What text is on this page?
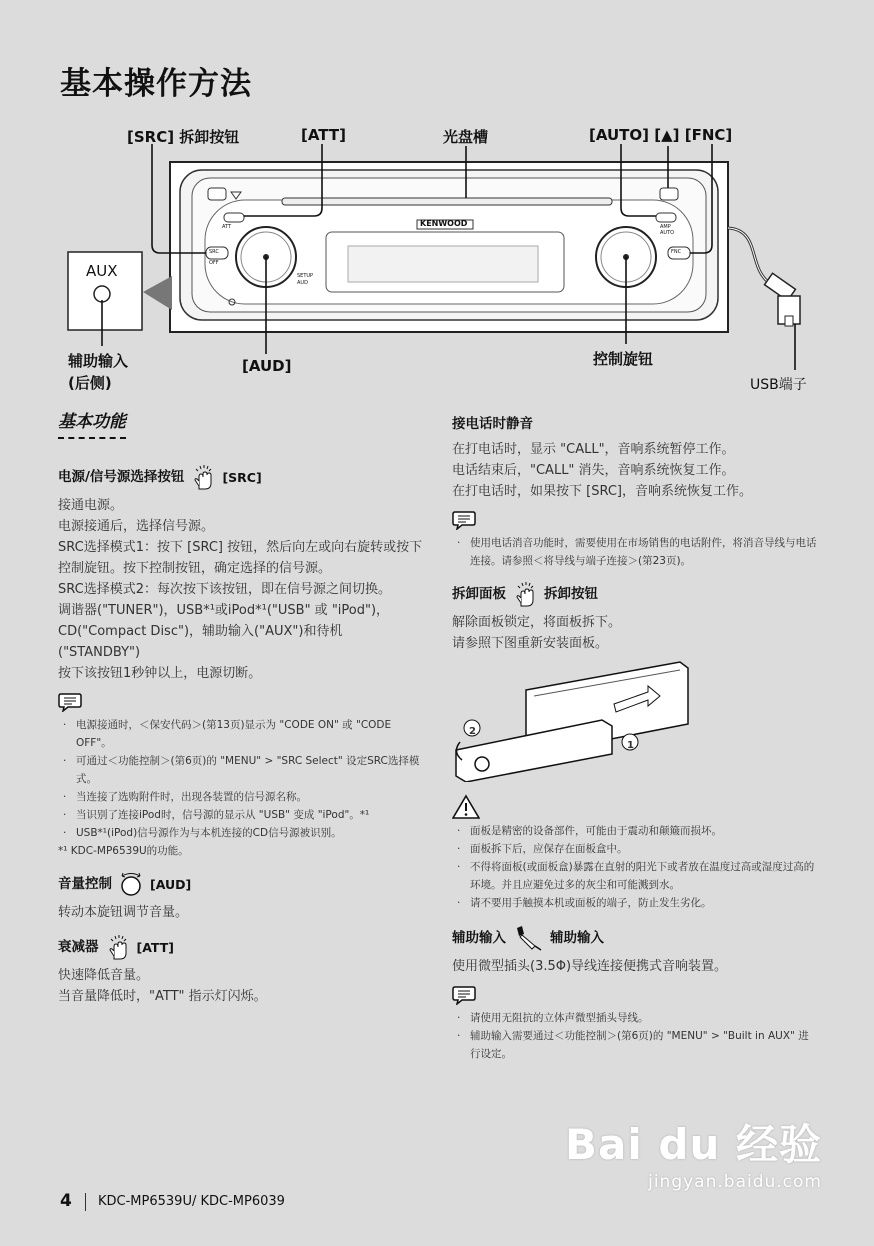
基本操作方法
[SRC] 拆卸按钮	[ATT]	光盘槽	[AUTO] [▲] [FNC]
AUX
辅助输入
(后侧)
[AUD]	控制旋钮
USB端子
KENWOOD
ATT
SRC
OFF
FNC
AMP
AUTO
SETUP
AUD
基本功能
电源/信号源选择按钮	[SRC]

接通电源。

电源接通后，选择信号源。

SRC选择模式1：按下 [SRC] 按钮，然后向左或向右旋转或按下控制旋钮。按下控制按钮，确定选择的信号源。

SRC选择模式2：每次按下该按钮，即在信号源之间切换。

调谐器("TUNER")，USB*¹或iPod*¹("USB" 或 "iPod")，CD("Compact Disc")，辅助输入("AUX")和待机("STANDBY")

按下该按钮1秒钟以上，电源切断。

· 电源接通时，＜保安代码＞(第13页)显示为 "CODE ON" 或 "CODE OFF"。
· 可通过＜功能控制＞(第6页)的 "MENU" > "SRC Select" 设定SRC选择模式。
· 当连接了选购附件时，出现各装置的信号源名称。
· 当识别了连接iPod时，信号源的显示从 "USB" 变成 "iPod"。*¹
· USB*¹(iPod)信号源作为与本机连接的CD信号源被识别。
*¹ KDC-MP6539U的功能。
音量控制	[AUD]

转动本旋钮调节音量。

衰减器	[ATT]

快速降低音量。

当音量降低时，"ATT" 指示灯闪烁。

接电话时静音

在打电话时，显示 "CALL"，音响系统暂停工作。

电话结束后，"CALL" 消失，音响系统恢复工作。

在打电话时，如果按下 [SRC]，音响系统恢复工作。

· 使用电话消音功能时，需要使用在市场销售的电话附件，将消音导线与电话连接。请参照＜将导线与端子连接＞(第23页)。
拆卸面板	拆卸按钮

解除面板锁定，将面板拆下。

请参照下图重新安装面板。

1
2
· 面板是精密的设备部件，可能由于震动和颠簸而损坏。
· 面板拆下后，应保存在面板盒中。
· 不得将面板(或面板盒)暴露在直射的阳光下或者放在温度过高或湿度过高的环境。并且应避免过多的灰尘和可能溅到水。
· 请不要用手触摸本机或面板的端子，防止发生劣化。
辅助输入	辅助输入

使用微型插头(3.5Φ)导线连接便携式音响装置。

· 请使用无阻抗的立体声微型插头导线。
· 辅助输入需要通过＜功能控制＞(第6页)的 "MENU" > "Built in AUX" 进行设定。
4 KDC-MP6539U/ KDC-MP6039
Bai du 经验
jingyan.baidu.com
